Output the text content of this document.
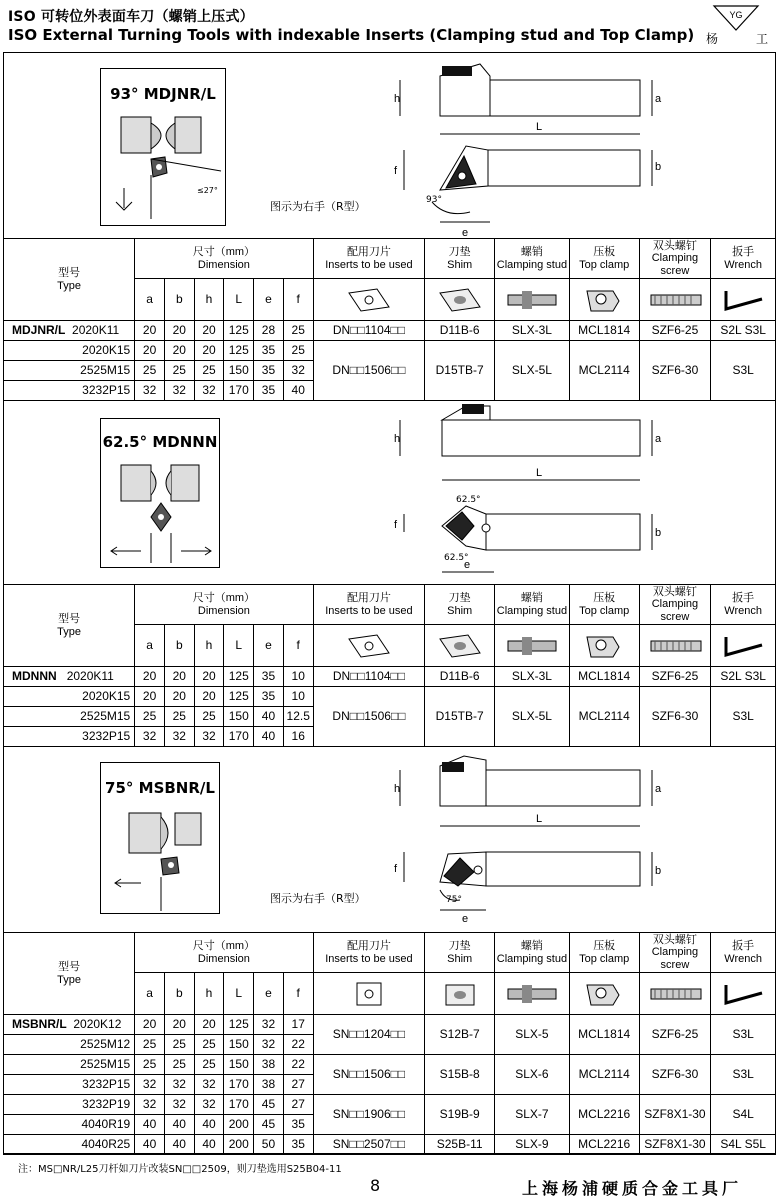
ISO 可转位外表面车刀（螺销上压式）
ISO External Turning Tools with indexable Inserts (Clamping stud and Top Clamp)
YG
杨	工
93° MDJNR/L
≤27°
h	a
L
f	b
93°
e
图示为右手（R型）
型号
Type	尺寸（mm）
Dimension						配用刀片
Inserts to be used	刀垫
Shim	螺销
Clamping stud	压板
Top clamp	双头螺钉
Clamping screw	扳手
Wrench

	a	b	h	L	e	f	

MDJNR/L 2020K11	20	20	20	125	28	25	DN□□1104□□	D11B-6	SLX-3L	MCL1814	SZF6-25	S2L S3L
2020K15	20	20	20	125	35	25	DN□□1506□□	D15TB-7	SLX-5L	MCL2114	SZF6-30	S3L
2525M15	25	25	25	150	35	32						
3232P15	32	32	32	170	35	40						
62.5° MDNNN	h	a
L
f
b
62.5°
62.5°
e
型号
Type	尺寸（mm）
Dimension						配用刀片
Inserts to be used	刀垫
Shim	螺销
Clamping stud	压板
Top clamp	双头螺钉
Clamping screw	扳手
Wrench

	a	b	h	L	e	f	

MDNNN 2020K11	20	20	20	125	35	10	DN□□1104□□	D11B-6	SLX-3L	MCL1814	SZF6-25	S2L S3L
2020K15	20	20	20	125	35	10	DN□□1506□□	D15TB-7	SLX-5L	MCL2114	SZF6-30	S3L
2525M15	25	25	25	150	40	12.5						
3232P15	32	32	32	170	40	16						
75° MSBNR/L	h	a
L
f	b
75°
e
图示为右手（R型）
型号
Type	尺寸（mm）
Dimension						配用刀片
Inserts to be used	刀垫
Shim	螺销
Clamping stud	压板
Top clamp	双头螺钉
Clamping screw	扳手
Wrench

	a	b	h	L	e	f	

MSBNR/L 2020K12	20	20	20	125	32	17	SN□□1204□□	S12B-7	SLX-5	MCL1814	SZF6-25	S3L
2525M12	25	25	25	150	32	22						
2525M15	25	25	25	150	38	22	SN□□1506□□	S15B-8	SLX-6	MCL2114	SZF6-30	S3L
3232P15	32	32	32	170	38	27						
3232P19	32	32	32	170	45	27	SN□□1906□□	S19B-9	SLX-7	MCL2216	SZF8X1-30	S4L
4040R19	40	40	40	200	45	35						
4040R25	40	40	40	200	50	35	SN□□2507□□	S25B-11	SLX-9	MCL2216	SZF8X1-30	S4L S5L
注：MS□NR/L25刀杆如刀片改装SN□□2509，则刀垫选用S25B04-11
8	上海杨浦硬质合金工具厂
